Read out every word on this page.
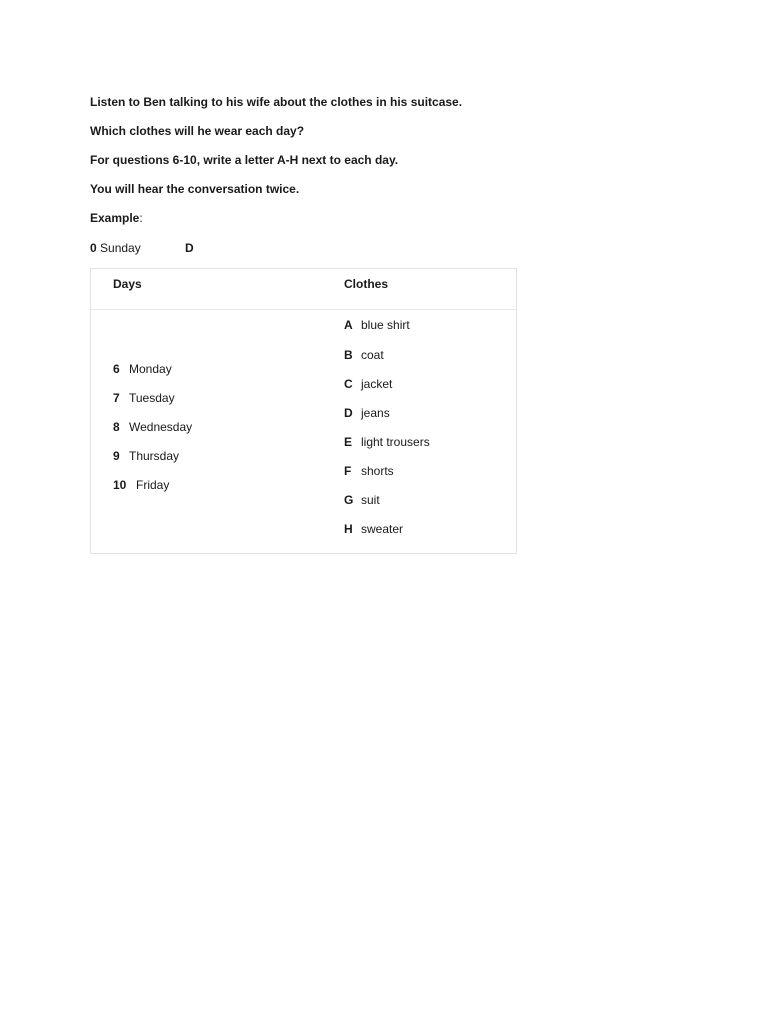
Listen to Ben talking to his wife about the clothes in his suitcase.
Which clothes will he wear each day?
For questions 6-10, write a letter A-H next to each day.
You will hear the conversation twice.
Example:
0 Sunday	D
Days	Clothes
6 Monday
7 Tuesday
8 Wednesday
9 Thursday
10 Friday
A blue shirt
B coat
C jacket
D jeans
E light trousers
F shorts
G suit
H sweater
